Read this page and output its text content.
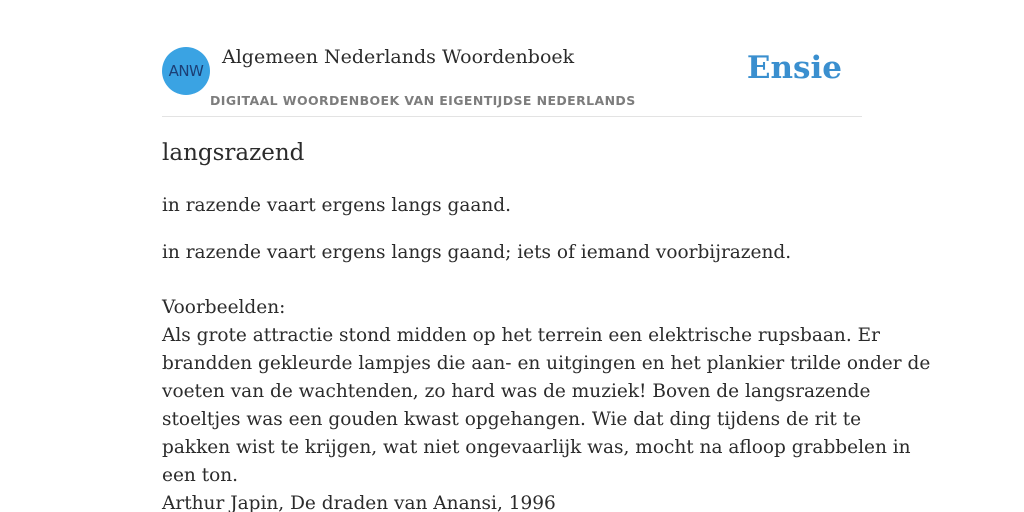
ANW
Algemeen Nederlands Woordenboek
DIGITAAL WOORDENBOEK VAN EIGENTIJDSE NEDERLANDS
Ensie
langsrazend
in razende vaart ergens langs gaand.
in razende vaart ergens langs gaand; iets of iemand voorbijrazend.
Voorbeelden:
Als grote attractie stond midden op het terrein een elektrische rupsbaan. Er
brandden gekleurde lampjes die aan- en uitgingen en het plankier trilde onder de
voeten van de wachtenden, zo hard was de muziek! Boven de langsrazende
stoeltjes was een gouden kwast opgehangen. Wie dat ding tijdens de rit te
pakken wist te krijgen, wat niet ongevaarlijk was, mocht na afloop grabbelen in
een ton.
Arthur Japin, De draden van Anansi, 1996
